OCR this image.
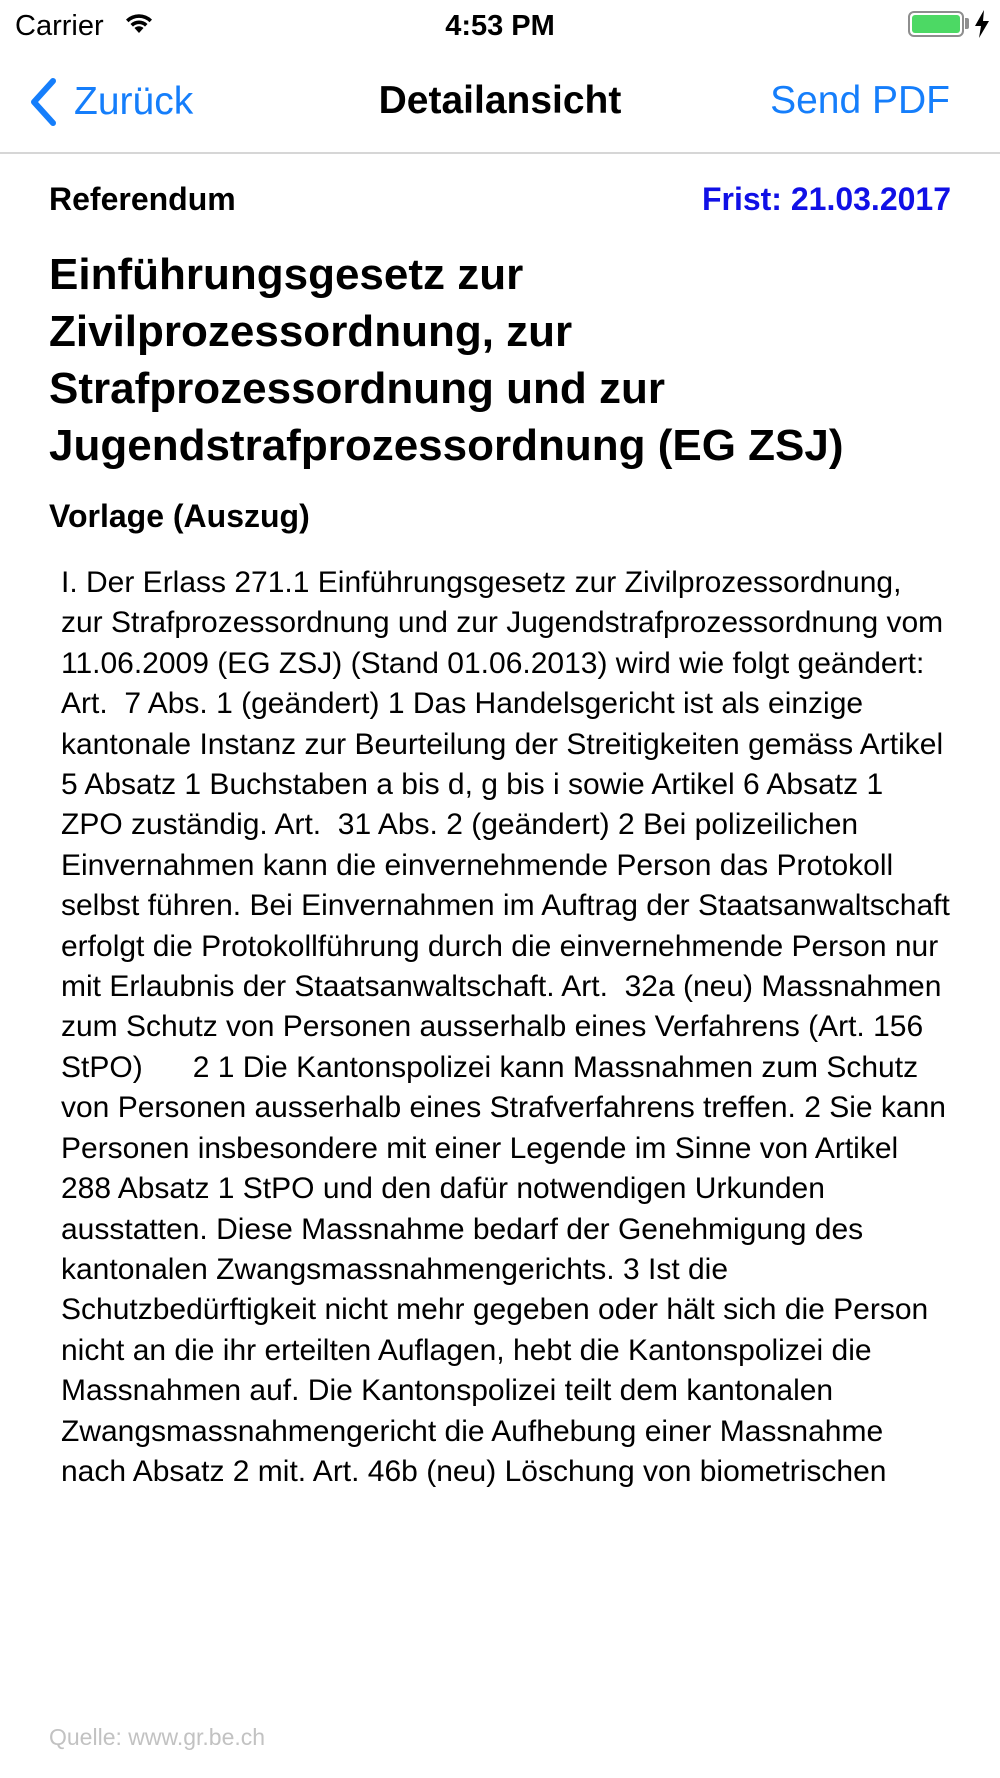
Carrier	4:53 PM
Zurück	Detailansicht	Send PDF
Referendum	Frist: 21.03.2017
Einführungsgesetz zur Zivilprozessordnung, zur Strafprozessordnung und zur Jugendstrafprozessordnung (EG ZSJ)
Vorlage (Auszug)
I. Der Erlass 271.1 Einführungsgesetz zur Zivilprozessordnung, zur Strafprozessordnung und zur Jugendstrafprozessordnung vom 11.06.2009 (EG ZSJ) (Stand 01.06.2013) wird wie folgt geändert: Art.  7 Abs. 1 (geändert) 1 Das Handelsgericht ist als einzige kantonale Instanz zur Beurteilung der Streitigkeiten gemäss Artikel 5 Absatz 1 Buchstaben a bis d, g bis i sowie Artikel 6 Absatz 1 ZPO zuständig. Art.  31 Abs. 2 (geändert) 2 Bei polizeilichen Einvernahmen kann die einvernehmende Person das Protokoll selbst führen. Bei Einvernahmen im Auftrag der Staatsanwaltschaft erfolgt die Protokollführung durch die einvernehmende Person nur mit Erlaubnis der Staatsanwaltschaft. Art.  32a (neu) Massnahmen zum Schutz von Personen ausserhalb eines Verfahrens (Art. 156 StPO)      2 1 Die Kantonspolizei kann Massnahmen zum Schutz von Personen ausserhalb eines Strafverfahrens treffen. 2 Sie kann Personen insbesondere mit einer Legende im Sinne von Artikel 288 Absatz 1 StPO und den dafür notwendigen Urkunden ausstatten. Diese Massnahme bedarf der Genehmigung des kantonalen Zwangsmassnahmengerichts. 3 Ist die Schutzbedürftigkeit nicht mehr gegeben oder hält sich die Person nicht an die ihr erteilten Auflagen, hebt die Kantonspolizei die Massnahmen auf. Die Kantonspolizei teilt dem kantonalen Zwangsmassnahmengericht die Aufhebung einer Massnahme nach Absatz 2 mit. Art. 46b (neu) Löschung von biometrischen
Quelle: www.gr.be.ch
